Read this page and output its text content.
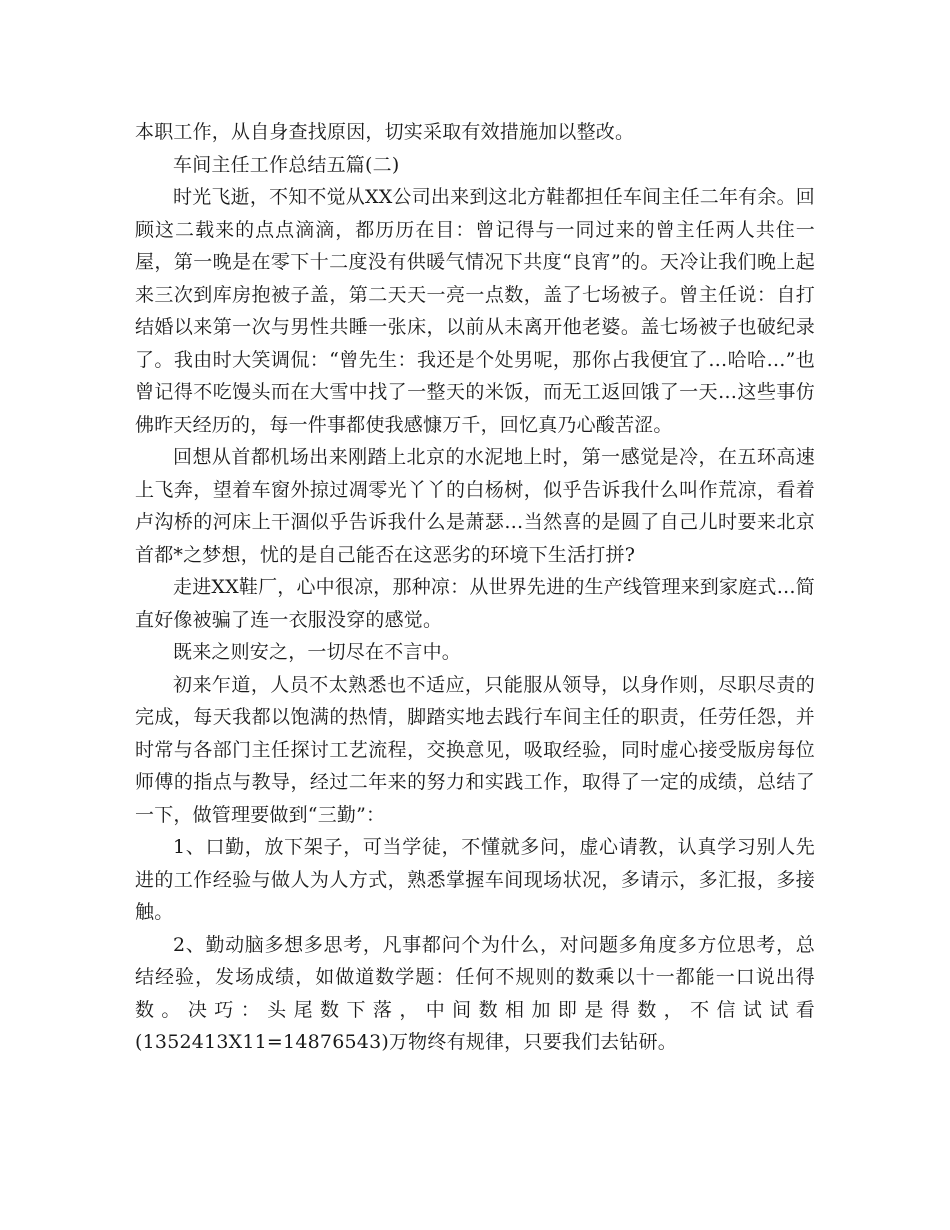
本职工作，从自身查找原因，切实采取有效措施加以整改。

车间主任工作总结五篇(二)

时光飞逝，不知不觉从XX公司出来到这北方鞋都担任车间主任二年有余。回顾这二载来的点点滴滴，都历历在目：曾记得与一同过来的曾主任两人共住一屋，第一晚是在零下十二度没有供暖气情况下共度“良宵”的。天冷让我们晚上起来三次到库房抱被子盖，第二天天一亮一点数，盖了七场被子。曾主任说：自打结婚以来第一次与男性共睡一张床，以前从未离开他老婆。盖七场被子也破纪录了。我由时大笑调侃：“曾先生：我还是个处男呢，那你占我便宜了…哈哈…”也曾记得不吃馒头而在大雪中找了一整天的米饭，而无工返回饿了一天…这些事仿佛昨天经历的，每一件事都使我感慷万千，回忆真乃心酸苦涩。

回想从首都机场出来刚踏上北京的水泥地上时，第一感觉是冷，在五环高速上飞奔，望着车窗外掠过凋零光丫丫的白杨树，似乎告诉我什么叫作荒凉，看着卢沟桥的河床上干涸似乎告诉我什么是萧瑟…当然喜的是圆了自己儿时要来北京首都*之梦想，忧的是自己能否在这恶劣的环境下生活打拼?

走进XX鞋厂，心中很凉，那种凉：从世界先进的生产线管理来到家庭式…简直好像被骗了连一衣服没穿的感觉。

既来之则安之，一切尽在不言中。

初来乍道，人员不太熟悉也不适应，只能服从领导，以身作则，尽职尽责的完成，每天我都以饱满的热情，脚踏实地去践行车间主任的职责，任劳任怨，并时常与各部门主任探讨工艺流程，交换意见，吸取经验，同时虚心接受版房每位师傅的指点与教导，经过二年来的努力和实践工作，取得了一定的成绩，总结了一下，做管理要做到“三勤”：

1、口勤，放下架子，可当学徒，不懂就多问，虚心请教，认真学习别人先进的工作经验与做人为人方式，熟悉掌握车间现场状况，多请示，多汇报，多接触。

2、勤动脑多想多思考，凡事都问个为什么，对问题多角度多方位思考，总结经验，发场成绩，如做道数学题：任何不规则的数乘以十一都能一口说出得数。决巧：头尾数下落，中间数相加即是得数，不信试试看(1352413X11=14876543)万物终有规律，只要我们去钻研。
